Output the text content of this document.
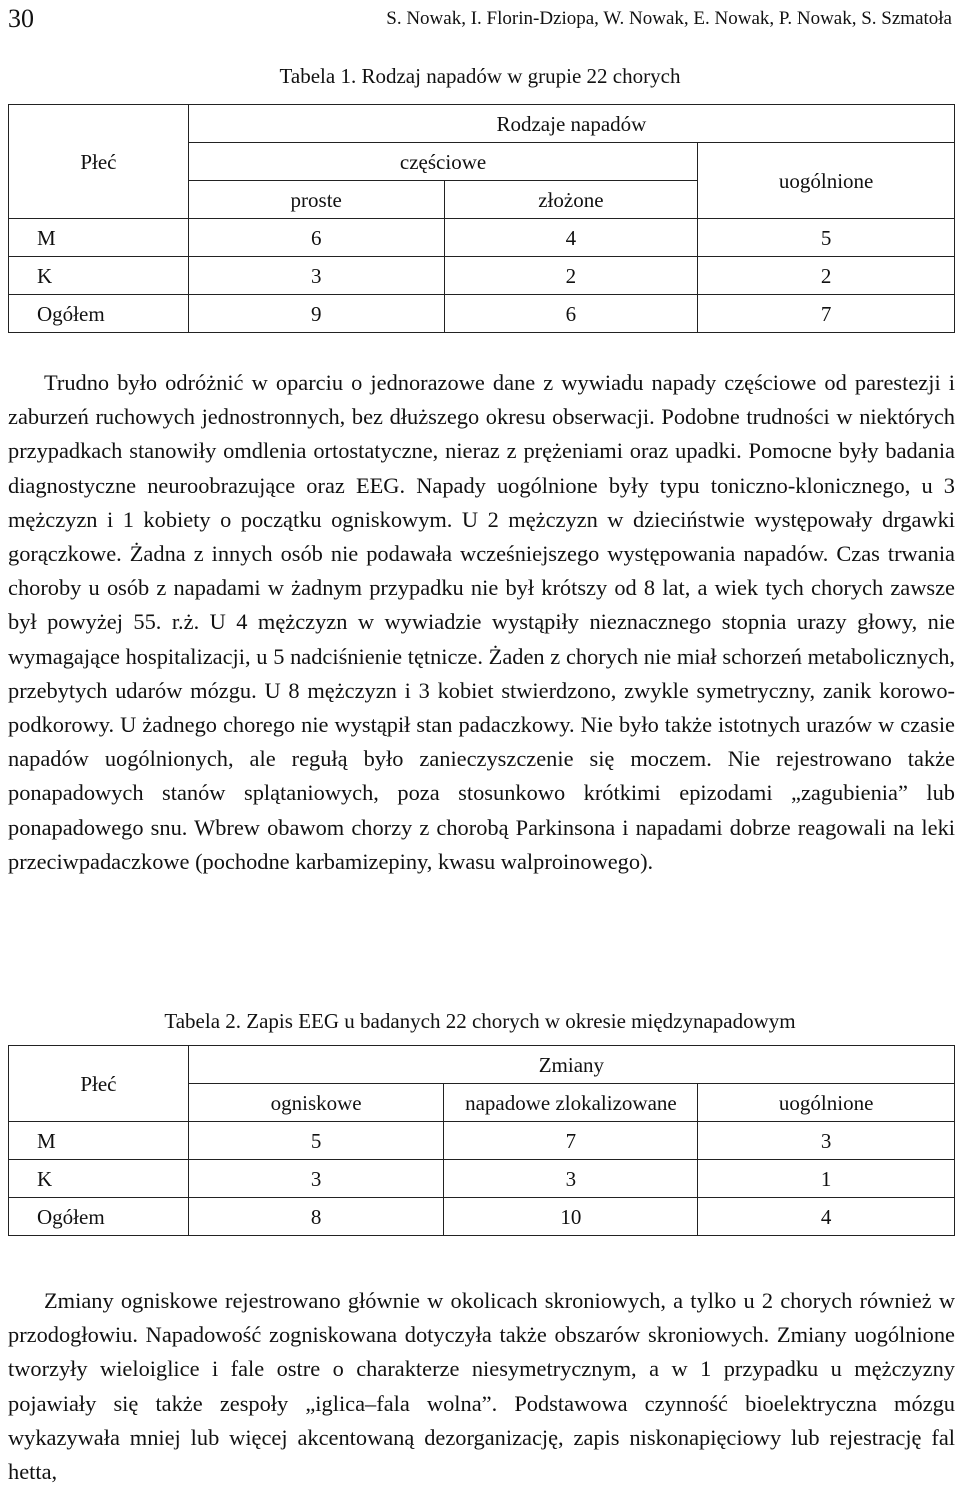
30	S. Nowak, I. Florin-Dziopa, W. Nowak, E. Nowak, P. Nowak, S. Szmatoła
Tabela 1. Rodzaj napadów w grupie 22 chorych
Płeć	Rodzaje napadów		
	częściowe		uogólnione
	proste	złożone	
M	6	4	5
K	3	2	2
Ogółem	9	6	7

Trudno było odróżnić w oparciu o jednorazowe dane z wywiadu napady częściowe od parestezji i zaburzeń ruchowych jednostronnych, bez dłuższego okresu obserwacji. Podobne trudności w niektórych przypadkach stanowiły omdlenia ortostatyczne, nieraz z prężeniami oraz upadki. Pomocne były badania diagnostyczne neuroobrazujące oraz EEG. Napady uogólnione były typu toniczno-klonicznego, u 3 mężczyzn i 1 kobiety o początku ogniskowym. U 2 mężczyzn w dzieciństwie występowały drgawki gorączkowe. Żadna z innych osób nie podawała wcześniejszego występowania napadów. Czas trwania choroby u osób z napadami w żadnym przypadku nie był krótszy od 8 lat, a wiek tych chorych zawsze był powyżej 55. r.ż. U 4 mężczyzn w wywiadzie wystąpiły nieznacznego stopnia urazy głowy, nie wymagające hospitalizacji, u 5 nadciśnienie tętnicze. Żaden z chorych nie miał schorzeń metabolicznych, przebytych udarów mózgu. U 8 mężczyzn i 3 kobiet stwierdzono, zwykle symetryczny, zanik korowo-podkorowy. U żadnego chorego nie wystąpił stan padaczkowy. Nie było także istotnych urazów w czasie napadów uogólnionych, ale regułą było zanieczyszczenie się moczem. Nie rejestrowano także ponapadowych stanów splątaniowych, poza stosunkowo krótkimi epizodami „zagubienia” lub ponapadowego snu. Wbrew obawom chorzy z chorobą Parkinsona i napadami dobrze reagowali na leki przeciwpadaczkowe (pochodne karbamizepiny, kwasu walproinowego).

Tabela 2. Zapis EEG u badanych 22 chorych w okresie międzynapadowym
Płeć	Zmiany		
	ogniskowe	napadowe zlokalizowane	uogólnione
M	5	7	3
K	3	3	1
Ogółem	8	10	4

Zmiany ogniskowe rejestrowano głównie w okolicach skroniowych, a tylko u 2 chorych również w przodogłowiu. Napadowość zogniskowana dotyczyła także obszarów skroniowych. Zmiany uogólnione tworzyły wieloiglice i fale ostre o charakterze niesymetrycznym, a w 1 przypadku u mężczyzny pojawiały się także zespoły „iglica–fala wolna”. Podstawowa czynność bioelektryczna mózgu wykazywała mniej lub więcej akcentowaną dezorganizację, zapis niskonapięciowy lub rejestrację fal hetta,
